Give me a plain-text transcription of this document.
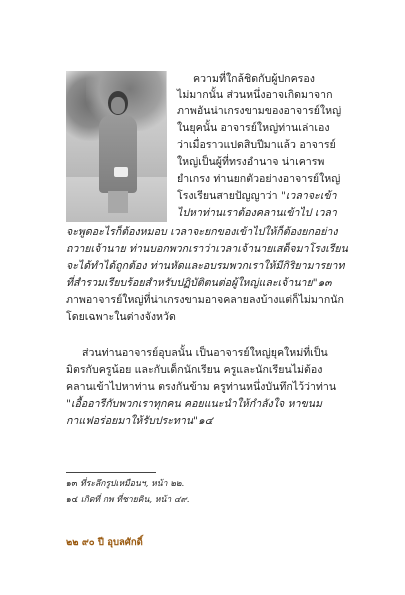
ความที่ใกล้ชิดกับผู้ปกครอง

ไม่มากนั้น ส่วนหนึ่งอาจเกิดมาจาก

ภาพอันน่าเกรงขามของอาจารย์ใหญ่

ในยุคนั้น อาจารย์ใหญ่ท่านเล่าเอง

ว่าเมื่อราวแปดสิบปีมาแล้ว อาจารย์

ใหญ่เป็นผู้ที่ทรงอำนาจ น่าเคารพ

ยำเกรง ท่านยกตัวอย่างอาจารย์ใหญ่

โรงเรียนสายปัญญาว่า "เวลาจะเข้า

ไปหาท่านเราต้องคลานเข้าไป เวลา

จะพูดอะไรก็ต้องหมอบ เวลาจะยกของเข้าไปให้ก็ต้องยกอย่าง

ถวายเจ้านาย ท่านบอกพวกเราว่าเวลาเจ้านายเสด็จมาโรงเรียน

จะได้ทำได้ถูกต้อง ท่านหัดและอบรมพวกเราให้มีกิริยามารยาท

ที่สำรวมเรียบร้อยสำหรับปฏิบัติตนต่อผู้ใหญ่และเจ้านาย"๑๓

ภาพอาจารย์ใหญ่ที่น่าเกรงขามอาจคลายลงบ้างแต่ก็ไม่มากนัก

โดยเฉพาะในต่างจังหวัด

ส่วนท่านอาจารย์อุบลนั้น เป็นอาจารย์ใหญ่ยุคใหม่ที่เป็น

มิตรกับครูน้อย และกับเด็กนักเรียน ครูและนักเรียนไม่ต้อง

คลานเข้าไปหาท่าน ตรงกันข้าม ครูท่านหนึ่งบันทึกไว้ว่าท่าน

"เอื้ออารีกับพวกเราทุกคน คอยแนะนำให้กำลังใจ หาขนม

กาแฟอร่อยมาให้รับประทาน"๑๔

๑๓ ที่ระลึกรูปเหมือนฯ, หน้า ๒๒.

๑๔ เกิดที่ กพ ที่ชายคิน, หน้า ๔๙.

๒๒ ๙๐ ปี อุบลศักดิ์
